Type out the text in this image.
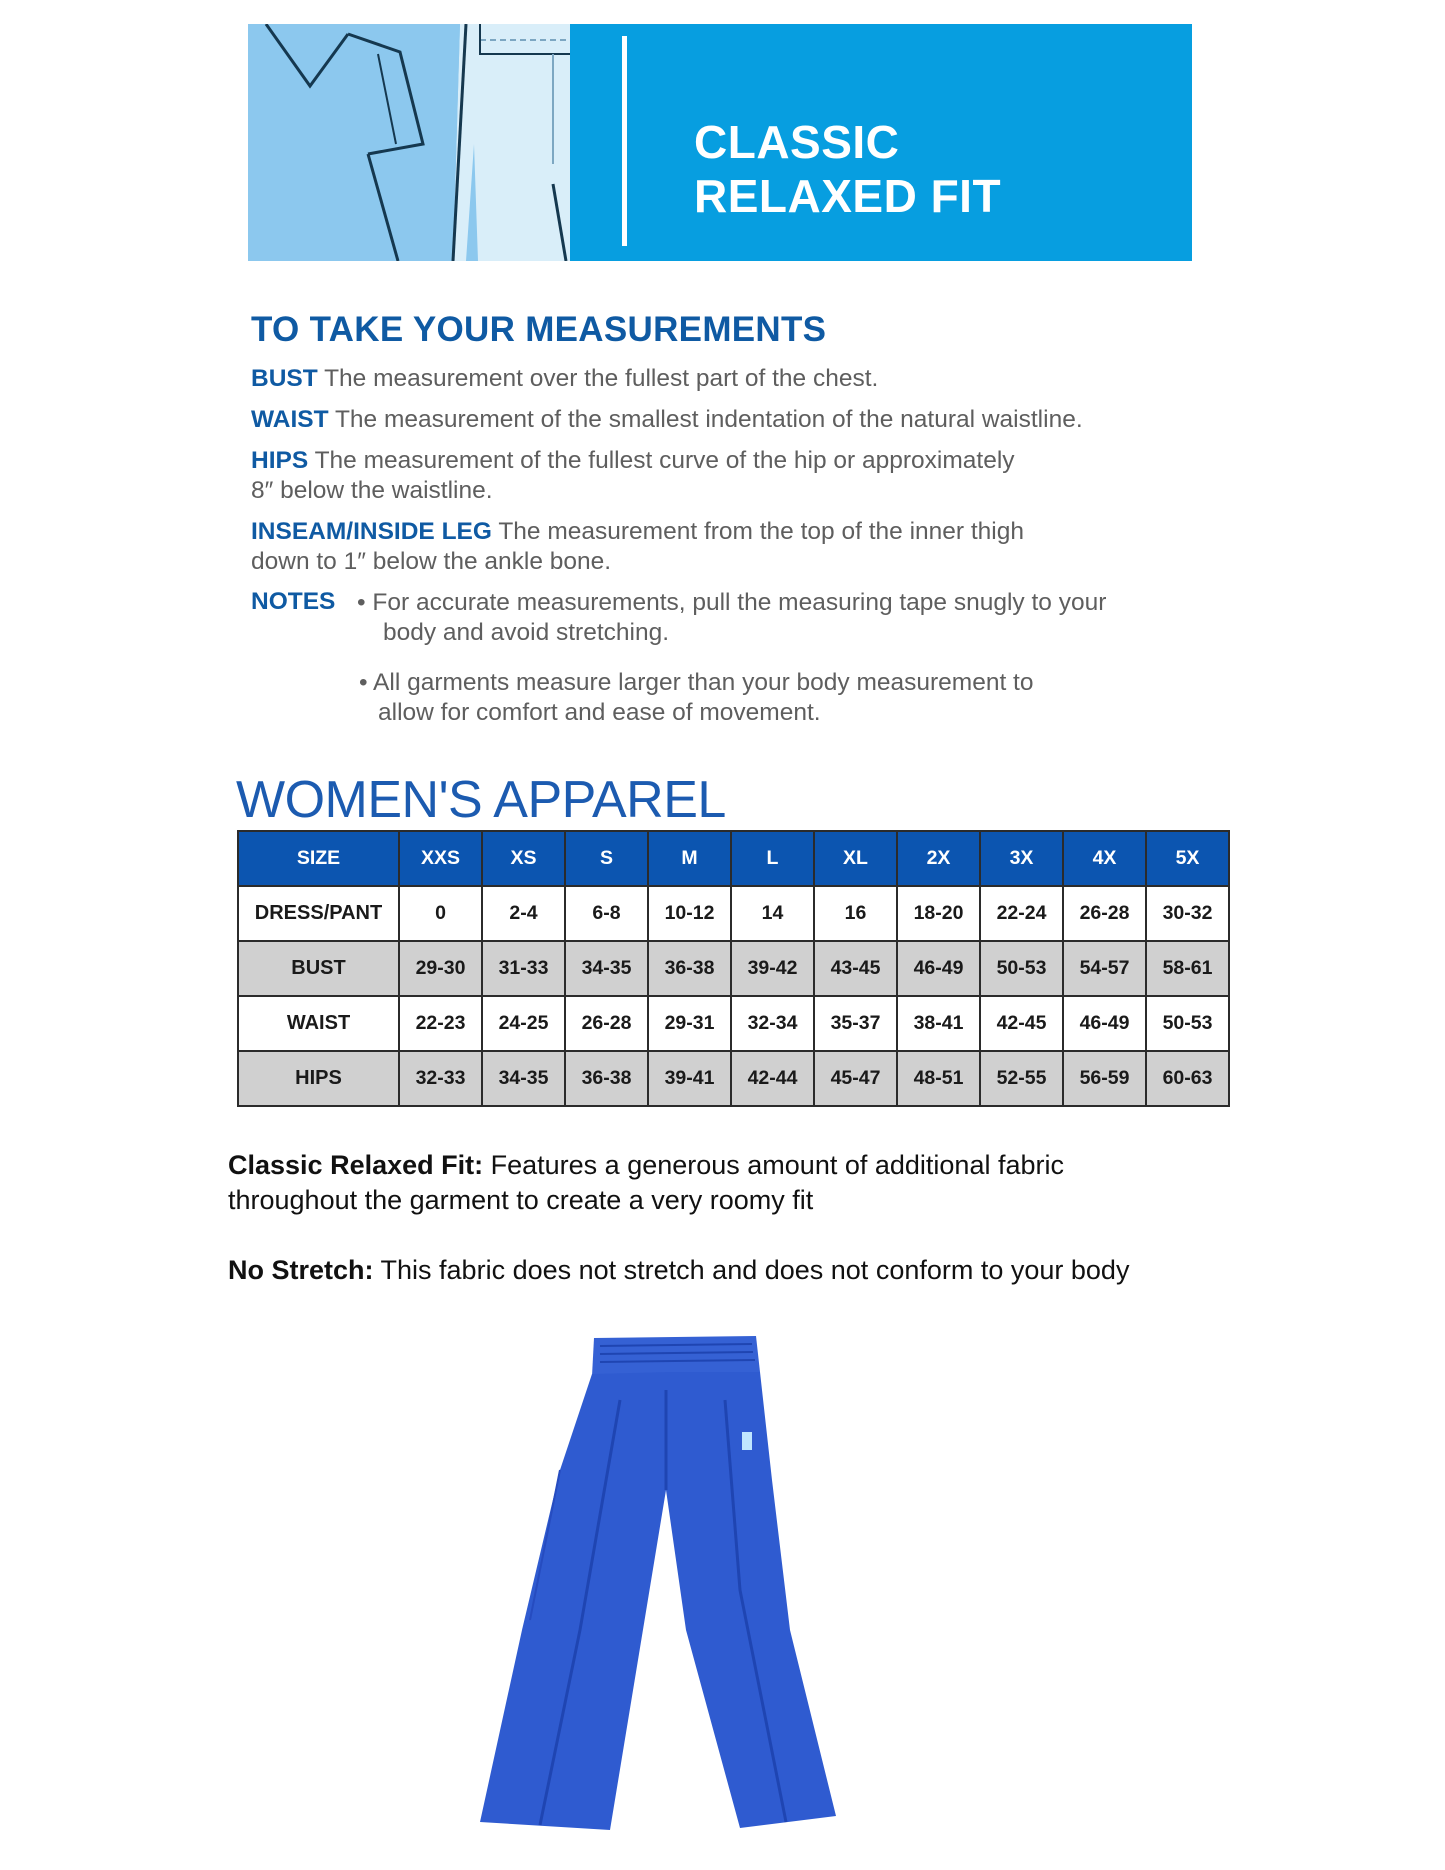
CLASSIC
RELAXED FIT
TO TAKE YOUR MEASUREMENTS
BUST The measurement over the fullest part of the chest.
WAIST The measurement of the smallest indentation of the natural waistline.
HIPS The measurement of the fullest curve of the hip or approximately
8″ below the waistline.
INSEAM/INSIDE LEG The measurement from the top of the inner thigh
down to 1″ below the ankle bone.
NOTES • For accurate measurements, pull the measuring tape snugly to your
body and avoid stretching.
• All garments measure larger than your body measurement to
allow for comfort and ease of movement.
WOMEN'S APPAREL
SIZE	XXS	XS	S	M	L	XL	2X	3X	4X	5X
DRESS/PANT	0	2-4	6-8	10-12	14	16	18-20	22-24	26-28	30-32
BUST	29-30	31-33	34-35	36-38	39-42	43-45	46-49	50-53	54-57	58-61
WAIST	22-23	24-25	26-28	29-31	32-34	35-37	38-41	42-45	46-49	50-53
HIPS	32-33	34-35	36-38	39-41	42-44	45-47	48-51	52-55	56-59	60-63
Classic Relaxed Fit: Features a generous amount of additional fabric
throughout the garment to create a very roomy fit
No Stretch: This fabric does not stretch and does not conform to your body
